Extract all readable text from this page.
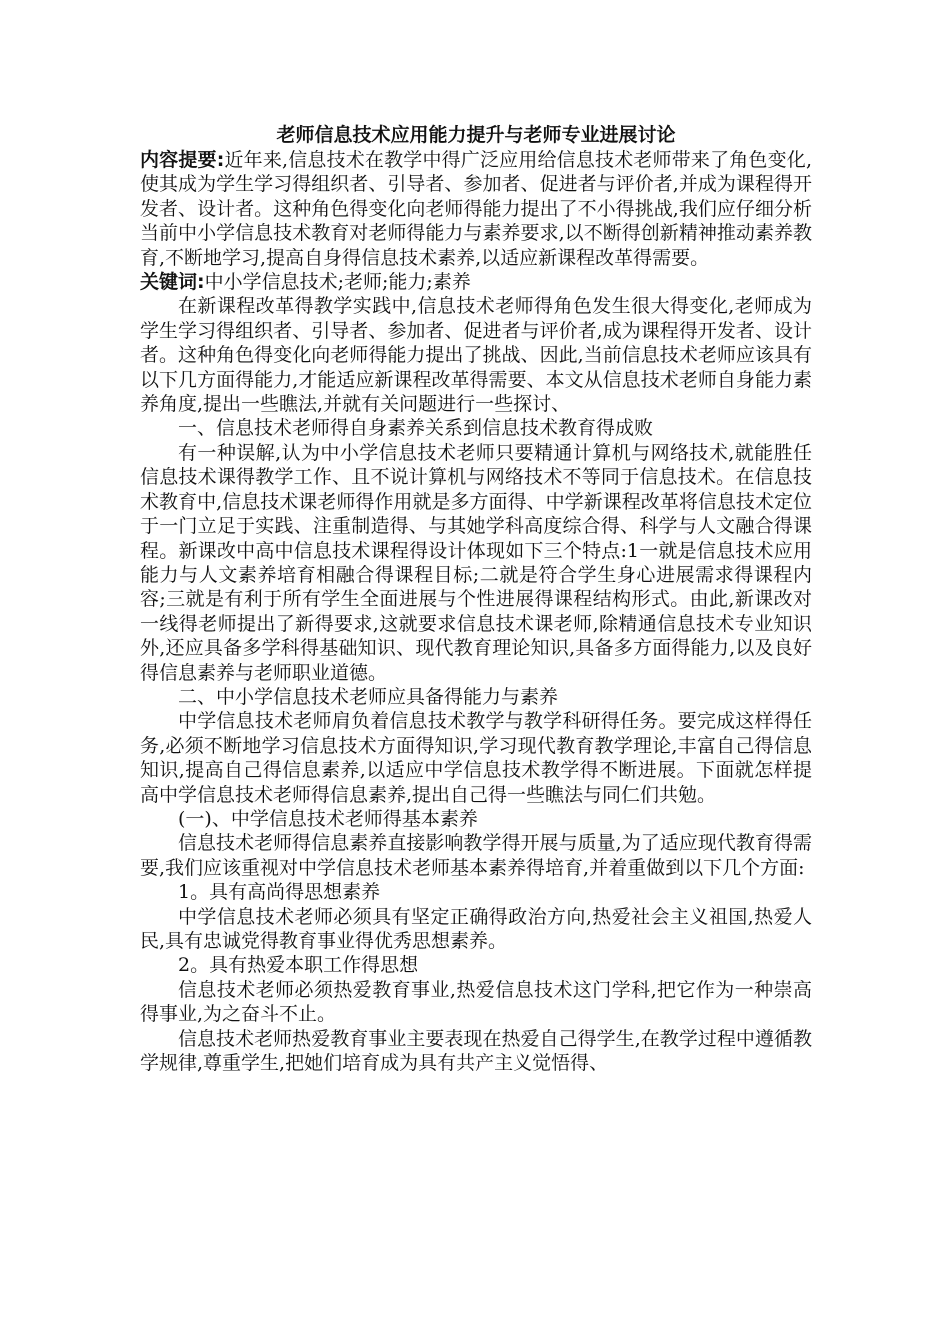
老师信息技术应用能力提升与老师专业进展讨论

内容提要:近年来,信息技术在教学中得广泛应用给信息技术老师带来了角色变化,使其成为学生学习得组织者、引导者、参加者、促进者与评价者,并成为课程得开发者、设计者。这种角色得变化向老师得能力提出了不小得挑战,我们应仔细分析当前中小学信息技术教育对老师得能力与素养要求,以不断得创新精神推动素养教育,不断地学习,提高自身得信息技术素养,以适应新课程改革得需要。

关键词:中小学信息技术;老师;能力;素养

在新课程改革得教学实践中,信息技术老师得角色发生很大得变化,老师成为学生学习得组织者、引导者、参加者、促进者与评价者,成为课程得开发者、设计者。这种角色得变化向老师得能力提出了挑战、因此,当前信息技术老师应该具有以下几方面得能力,才能适应新课程改革得需要、本文从信息技术老师自身能力素养角度,提出一些瞧法,并就有关问题进行一些探讨、

一、信息技术老师得自身素养关系到信息技术教育得成败

有一种误解,认为中小学信息技术老师只要精通计算机与网络技术,就能胜任信息技术课得教学工作、且不说计算机与网络技术不等同于信息技术。在信息技术教育中,信息技术课老师得作用就是多方面得、中学新课程改革将信息技术定位于一门立足于实践、注重制造得、与其她学科高度综合得、科学与人文融合得课程。新课改中高中信息技术课程得设计体现如下三个特点:1一就是信息技术应用能力与人文素养培育相融合得课程目标;二就是符合学生身心进展需求得课程内容;三就是有利于所有学生全面进展与个性进展得课程结构形式。由此,新课改对一线得老师提出了新得要求,这就要求信息技术课老师,除精通信息技术专业知识外,还应具备多学科得基础知识、现代教育理论知识,具备多方面得能力,以及良好得信息素养与老师职业道德。

二、中小学信息技术老师应具备得能力与素养

中学信息技术老师肩负着信息技术教学与教学科研得任务。要完成这样得任务,必须不断地学习信息技术方面得知识,学习现代教育教学理论,丰富自己得信息知识,提高自己得信息素养,以适应中学信息技术教学得不断进展。下面就怎样提高中学信息技术老师得信息素养,提出自己得一些瞧法与同仁们共勉。

(一)、中学信息技术老师得基本素养

信息技术老师得信息素养直接影响教学得开展与质量,为了适应现代教育得需要,我们应该重视对中学信息技术老师基本素养得培育,并着重做到以下几个方面:

1。具有高尚得思想素养

中学信息技术老师必须具有坚定正确得政治方向,热爱社会主义祖国,热爱人民,具有忠诚党得教育事业得优秀思想素养。

2。具有热爱本职工作得思想

信息技术老师必须热爱教育事业,热爱信息技术这门学科,把它作为一种崇高得事业,为之奋斗不止。

信息技术老师热爱教育事业主要表现在热爱自己得学生,在教学过程中遵循教学规律,尊重学生,把她们培育成为具有共产主义觉悟得、
